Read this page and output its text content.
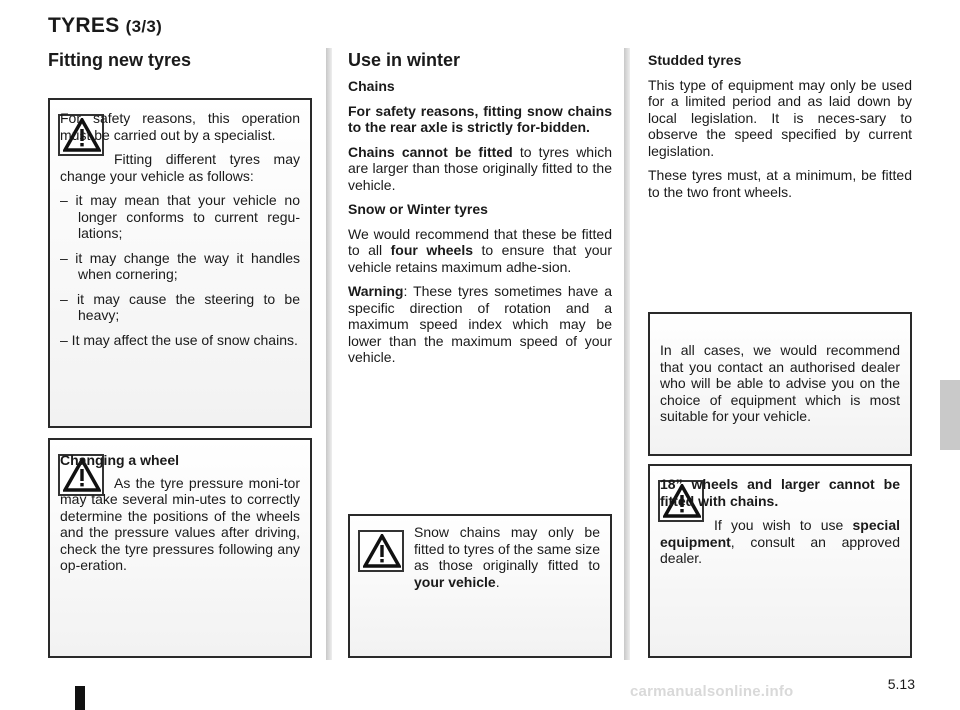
TYRES (3/3)
Fitting new tyres

For safety reasons, this operation must be carried out by a specialist.

Fitting different tyres may change your vehicle as follows:

– it may mean that your vehicle no longer conforms to current regu-lations;

– it may change the way it handles when cornering;

– it may cause the steering to be heavy;

– It may affect the use of snow chains.

Changing a wheel

As the tyre pressure moni-tor may take several min-utes to correctly determine the positions of the wheels and the pressure values after driving, check the tyre pressures following any op-eration.

Use in winter

Chains

For safety reasons, fitting snow chains to the rear axle is strictly for-bidden.

Chains cannot be fitted to tyres which are larger than those originally fitted to the vehicle.

Snow or Winter tyres

We would recommend that these be fitted to all four wheels to ensure that your vehicle retains maximum adhe-sion.

Warning: These tyres sometimes have a specific direction of rotation and a maximum speed index which may be lower than the maximum speed of your vehicle.

Snow chains may only be fitted to tyres of the same size as those originally fitted to your vehicle.

Studded tyres

This type of equipment may only be used for a limited period and as laid down by local legislation. It is neces-sary to observe the speed specified by current legislation.

These tyres must, at a minimum, be fitted to the two front wheels.

In all cases, we would recommend that you contact an authorised dealer who will be able to advise you on the choice of equipment which is most suitable for your vehicle.

18” wheels and larger cannot be fitted with chains.

If you wish to use special equipment, consult an approved dealer.

5.13
carmanualsonline.info
